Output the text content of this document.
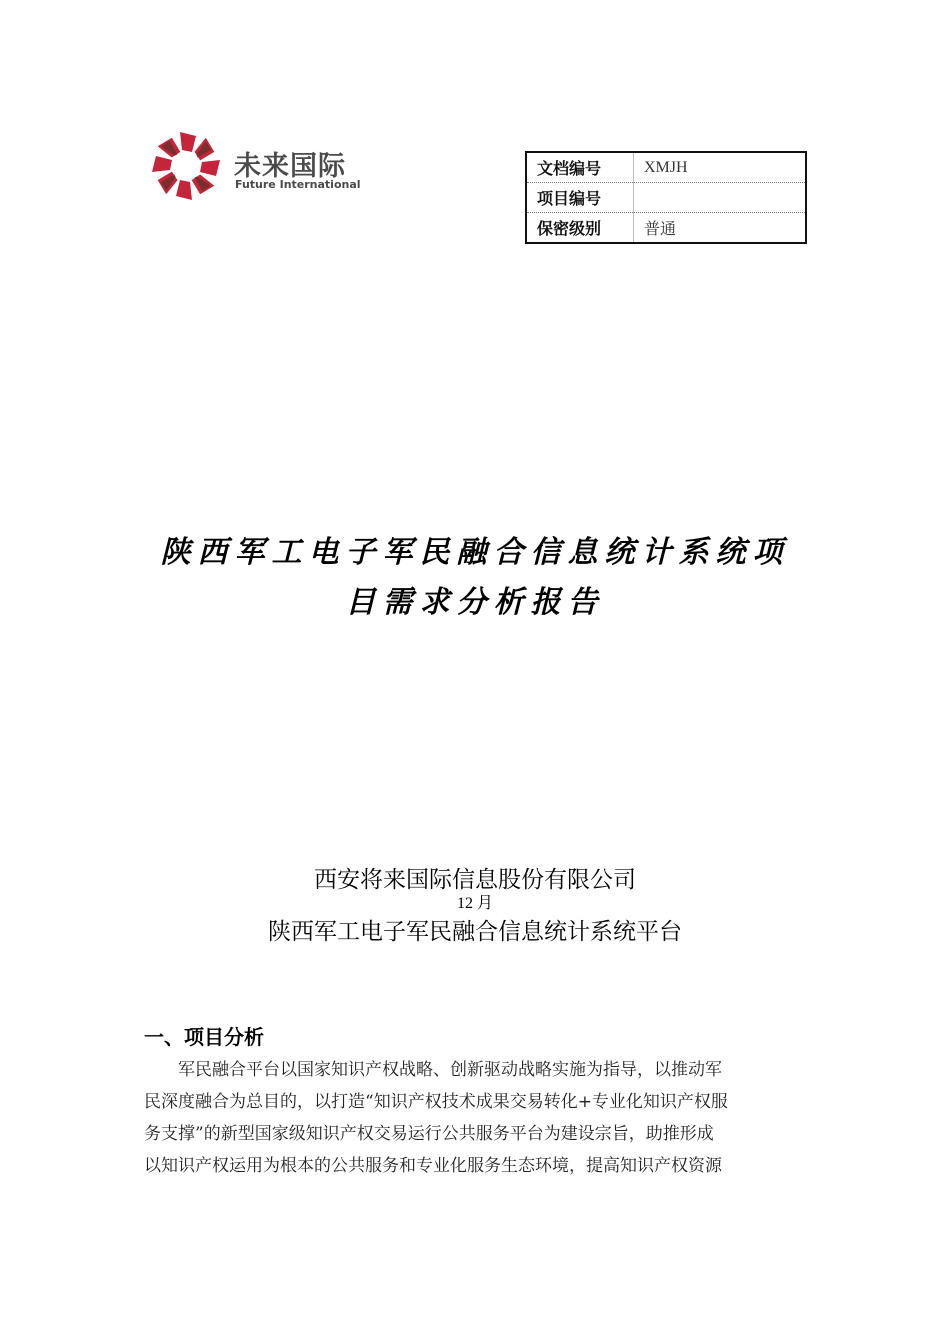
未来国际
Future International
文档编号	XMJH
项目编号	
保密级别	普通
陕西军工电子军民融合信息统计系统项
目需求分析报告
西安将来国际信息股份有限公司
12 月
陕西军工电子军民融合信息统计系统平台
一、项目分析
军民融合平台以国家知识产权战略、创新驱动战略实施为指导，以推动军
民深度融合为总目的，以打造“知识产权技术成果交易转化+专业化知识产权服
务支撑”的新型国家级知识产权交易运行公共服务平台为建设宗旨，助推形成
以知识产权运用为根本的公共服务和专业化服务生态环境，提高知识产权资源
